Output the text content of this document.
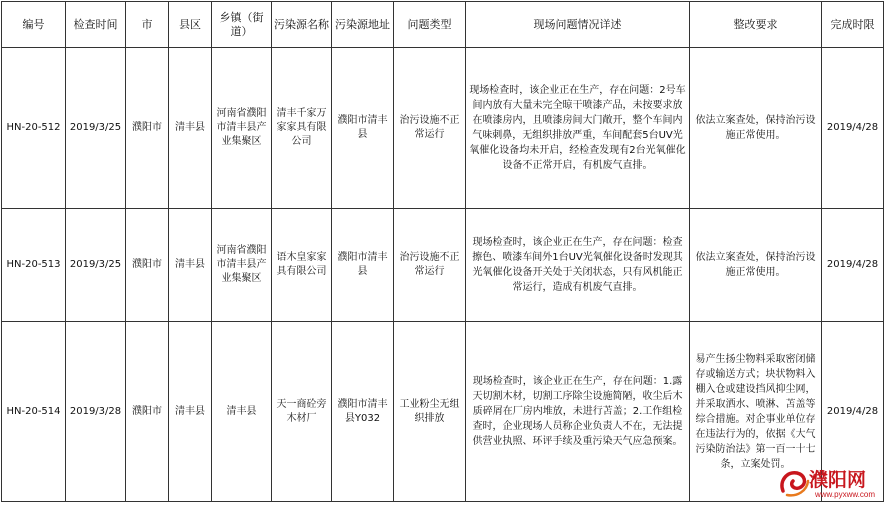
编号	检查时间	市	县区	乡镇（街道）	污染源名称	污染源地址	问题类型	现场问题情况详述	整改要求	完成时限
HN-20-512	2019/3/25	濮阳市	清丰县	河南省濮阳市清丰县产业集聚区	清丰千家万家家具有限公司	濮阳市清丰县	治污设施不正常运行	现场检查时，该企业正在生产，存在问题：2号车间内放有大量未完全晾干喷漆产品，未按要求放在喷漆房内，且喷漆房间大门敞开，整个车间内气味刺鼻，无组织排放严重，车间配套5台UV光氧催化设备均未开启，经检查发现有2台光氧催化设备不正常开启，有机废气直排。	依法立案查处，保持治污设施正常使用。	2019/4/28
HN-20-513	2019/3/25	濮阳市	清丰县	河南省濮阳市清丰县产业集聚区	语木皇家家具有限公司	濮阳市清丰县	治污设施不正常运行	现场检查时，该企业正在生产，存在问题：检查擦色、喷漆车间外1台UV光氧催化设备时发现其光氧催化设备开关处于关闭状态，只有风机能正常运行，造成有机废气直排。	依法立案查处，保持治污设施正常使用。	2019/4/28
HN-20-514	2019/3/28	濮阳市	清丰县	清丰县	天一商砼旁木材厂	濮阳市清丰县Y032	工业粉尘无组织排放	现场检查时，该企业正在生产，存在问题：1.露天切割木材，切割工序除尘设施简陋，收尘后木质碎屑在厂房内堆放，未进行苫盖；2.工作组检查时，企业现场人员称企业负责人不在，无法提供营业执照、环评手续及重污染天气应急预案。	易产生扬尘物料采取密闭储存或输送方式；块状物料入棚入仓或建设挡风抑尘网，并采取洒水、喷淋、苫盖等综合措施。对企事业单位存在违法行为的，依据《大气污染防治法》第一百一十七条，立案处罚。	2019/4/28
濮阳网
www.pyxww.com
